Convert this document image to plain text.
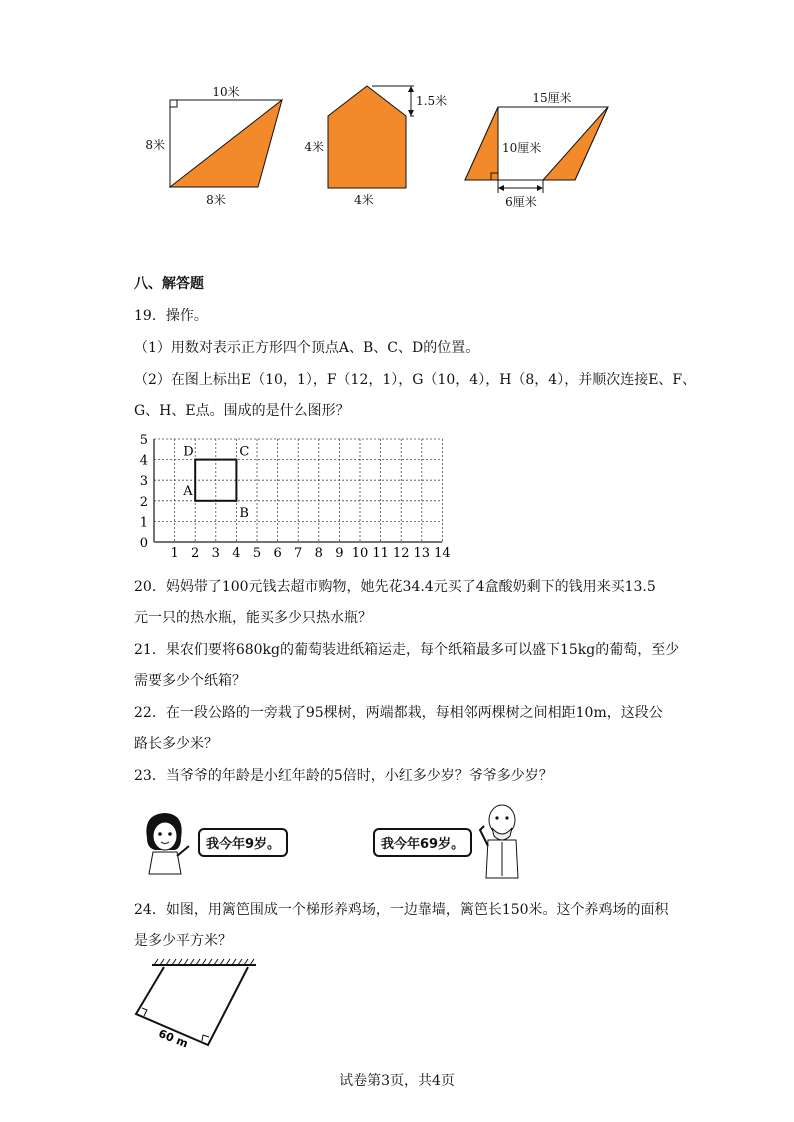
10米
8米
8米
1.5米
4米
4米
15厘米
10厘米
6厘米
八、解答题
19．操作。
（1）用数对表示正方形四个顶点A、B、C、D的位置。
（2）在图上标出E（10，1），F（12，1），G（10，4），H（8，4），并顺次连接E、F、
G、H、E点。围成的是什么图形？
1 2 3 4 5 6 7 8 9 10 11 12 13 14
0
1
2
3
4
5
A
B
C
D
20．妈妈带了100元钱去超市购物，她先花34.4元买了4盒酸奶剩下的钱用来买13.5
元一只的热水瓶，能买多少只热水瓶？
21．果农们要将680kg的葡萄装进纸箱运走，每个纸箱最多可以盛下15kg的葡萄，至少
需要多少个纸箱？
22．在一段公路的一旁栽了95棵树，两端都栽，每相邻两棵树之间相距10m，这段公
路长多少米？
23．当爷爷的年龄是小红年龄的5倍时，小红多少岁？爷爷多少岁？
我今年9岁。	我今年69岁。
24．如图，用篱笆围成一个梯形养鸡场，一边靠墙，篱笆长150米。这个养鸡场的面积
是多少平方米？
60 m
试卷第3页，共4页
